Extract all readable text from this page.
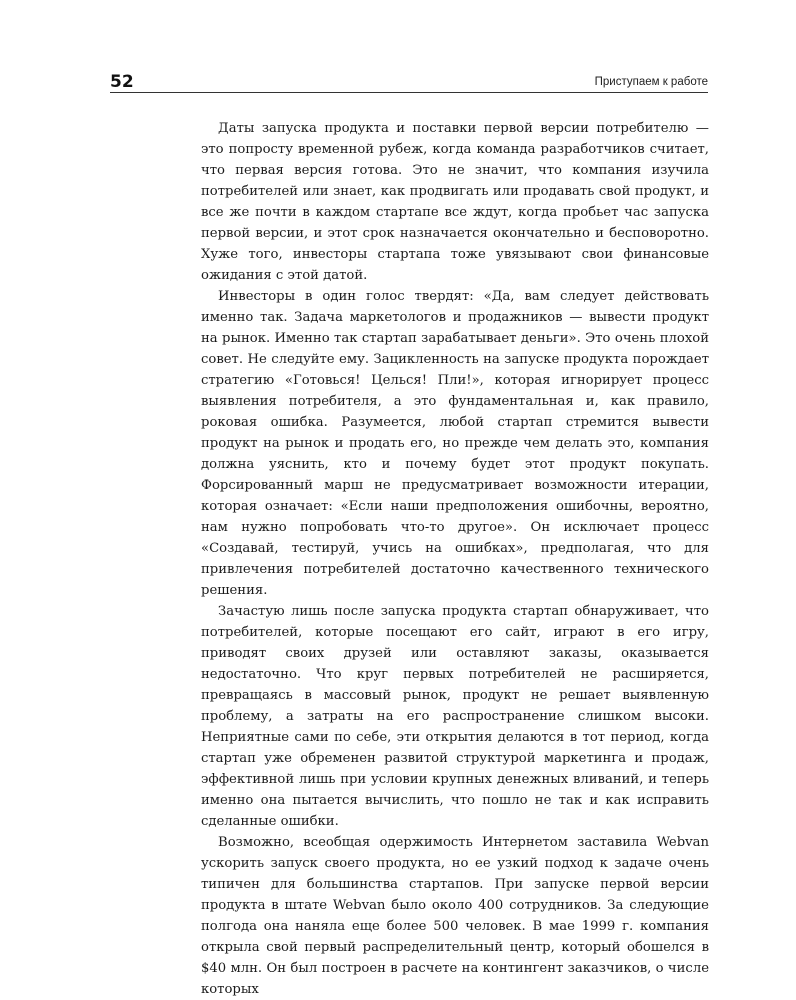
52	Приступаем к работе

Даты запуска продукта и поставки первой версии потребителю — это попросту временной рубеж, когда команда разработчиков считает, что первая версия готова. Это не значит, что компания изучила потребителей или знает, как продвигать или продавать свой продукт, и все же почти в каждом стартапе все ждут, когда пробьет час запуска первой версии, и этот срок назначается окончательно и бесповоротно. Хуже того, инвесторы стартапа тоже увязывают свои финансовые ожидания с этой датой.

Инвесторы в один голос твердят: «Да, вам следует действовать именно так. Задача маркетологов и продажников — вывести продукт на рынок. Именно так стартап зарабатывает деньги». Это очень плохой совет. Не следуйте ему. Зацикленность на запуске продукта порождает стратегию «Готовься! Целься! Пли!», которая игнорирует процесс выявления потребителя, а это фундаментальная и, как правило, роковая ошибка. Разумеется, любой стартап стремится вывести продукт на рынок и продать его, но прежде чем делать это, компания должна уяснить, кто и почему будет этот продукт покупать. Форсированный марш не предусматривает возможности итерации, которая означает: «Если наши предположения ошибочны, вероятно, нам нужно попробовать что-то другое». Он исключает процесс «Создавай, тестируй, учись на ошибках», предполагая, что для привлечения потребителей достаточно качественного технического решения.

Зачастую лишь после запуска продукта стартап обнаруживает, что потребителей, которые посещают его сайт, играют в его игру, приводят своих друзей или оставляют заказы, оказывается недостаточно. Что круг первых потребителей не расширяется, превращаясь в массовый рынок, продукт не решает выявленную проблему, а затраты на его распространение слишком высоки. Неприятные сами по себе, эти открытия делаются в тот период, когда стартап уже обременен развитой структурой маркетинга и продаж, эффективной лишь при условии крупных денежных вливаний, и теперь именно она пытается вычислить, что пошло не так и как исправить сделанные ошибки.

Возможно, всеобщая одержимость Интернетом заставила Webvan ускорить запуск своего продукта, но ее узкий подход к задаче очень типичен для большинства стартапов. При запуске первой версии продукта в штате Webvan было около 400 сотрудников. За следующие полгода она наняла еще более 500 человек. В мае 1999 г. компания открыла свой первый распределительный центр, который обошелся в $40 млн. Он был построен в расчете на контингент заказчиков, о числе которых
